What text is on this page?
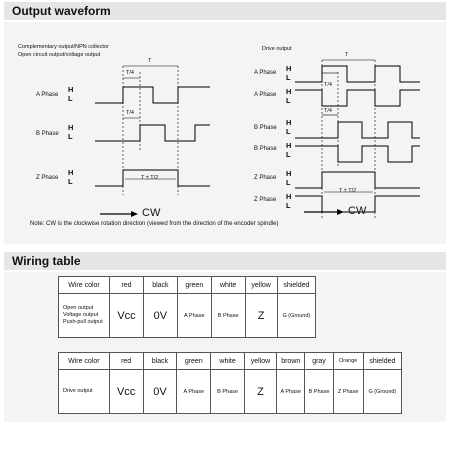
Output waveform
Complementary output/NPN collector
Open circuit output/voltage output
Drive output
A Phase
B Phase
Z Phase
A Phase
A Phase
B Phase
B Phase
Z Phase
Z Phase
H
L
H
L
H
L
H
L
H
L
H
L
H
L
H
L
H
L
T
T
T/4
T/4
T/4
T/4
T ± T/2
T ± T/2
CW	CW
Note: CW is the clockwise rotation direction (viewed from the direction of the encoder spindle)
Wiring table
Wire color	red	black	green	white	yellow	shielded

Open output
Voltage output
Push-pull output	Vcc	0V	A Phase	B Phase	Z	G (Ground)
Wire color	red	black	green	white	yellow	brown	gray	Orange	shielded
Drive output	Vcc	0V	A Phase	B Phase	Z	A Phase	B Phase	Z Phase	G (Ground)
